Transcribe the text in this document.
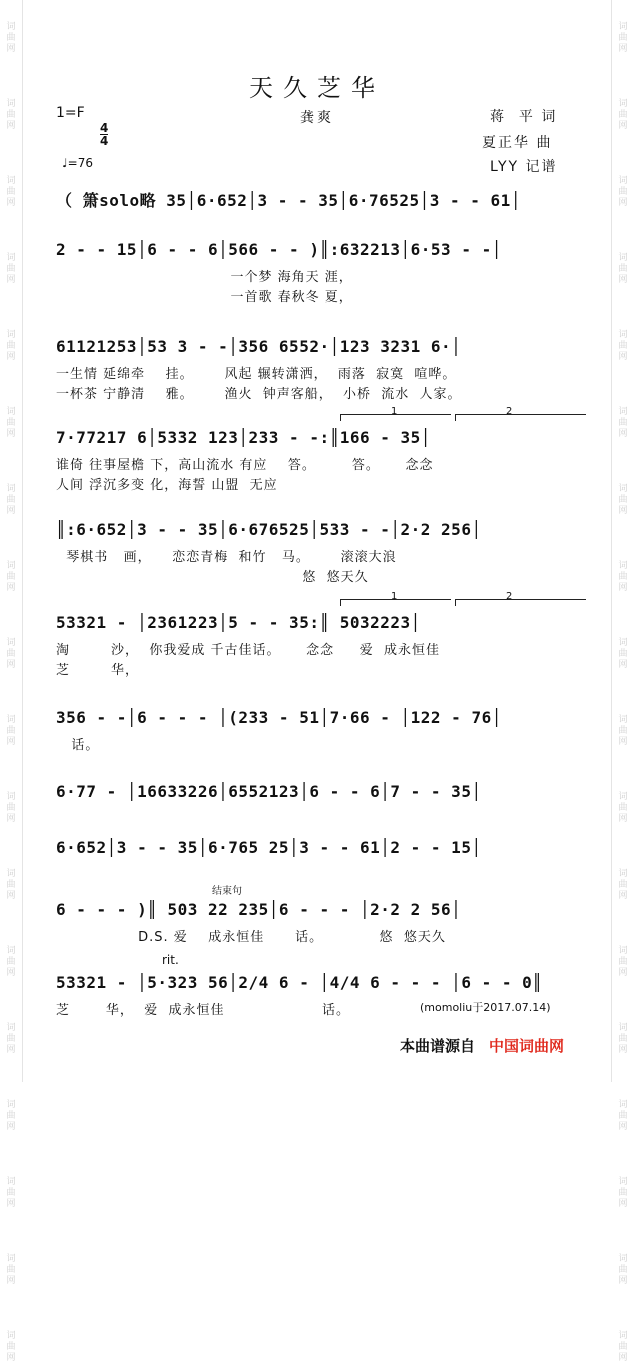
词
曲
网
词
曲
网
词
曲
网
词
曲
网
词
曲
网
词
曲
网
词
曲
网
词
曲
网
词
曲
网
词
曲
网
词
曲
网
词
曲
网
词
曲
网
词
曲
网
词
曲
网
词
曲
网
词
曲
网
词
曲
网
词
曲
网
词
曲
网
词
曲
网
词
曲
网
词
曲
网
词
曲
网
词
曲
网
词
曲
网
词
曲
网
词
曲
网
词
曲
网
词
曲
网
词
曲
网
词
曲
网
词
曲
网
词
曲
网
词
曲
网
词
曲
网
天久芝华
1=F

4
4

龚爽	蒋  平 词
夏正华 曲
LYY 记谱
♩=76
（ 箫solo略 35│6·652│3 - - 35│6·76525│3 - - 61│
2 - - 15│6 - - 6│566 - - )║:632213│6·53 - -│
一个梦 海角天 涯，
一首歌 春秋冬 夏，
61121253│53 3 - -│356 6552·│123 3231 6·│
一生情 延绵牵    挂。      风起 辗转潇洒，  雨落  寂寞  喧哗。
一杯茶 宁静清    雅。      渔火  钟声客船，  小桥  流水  人家。
7·77217 6│5332 123│233 - -:║166 - 35│
1	2
谁倚 往事屋檐 下，高山流水 有应    答。       答。     念念
人间 浮沉多变 化，海誓 山盟  无应
║:6·652│3 - - 35│6·676525│533 - -│2·2 256│
琴棋书   画，    恋恋青梅  和竹   马。      滚滚大浪
悠  悠天久
53321 - │2361223│5 - - 35:║ 5032223│
1	2
淘        沙，  你我爱成 千古佳话。     念念     爱  成永恒佳
芝        华，
356 - -│6 - - - │(233 - 51│7·66 - │122 - 76│
话。
6·77 - │16633226│6552123│6 - - 6│7 - - 35│
6·652│3 - - 35│6·765 25│3 - - 61│2 - - 15│
6 - - - )║ 503 22 235│6 - - - │2·2 2 56│
结束句
D.S. 爱    成永恒佳      话。           悠  悠天久
53321 - │5·323 56│2/4 6 - │4/4 6 - - - │6 - - 0║
rit.
芝       华，  爱  成永恒佳                   话。	(momoliu于2017.07.14)
本曲谱源自 中国词曲网
